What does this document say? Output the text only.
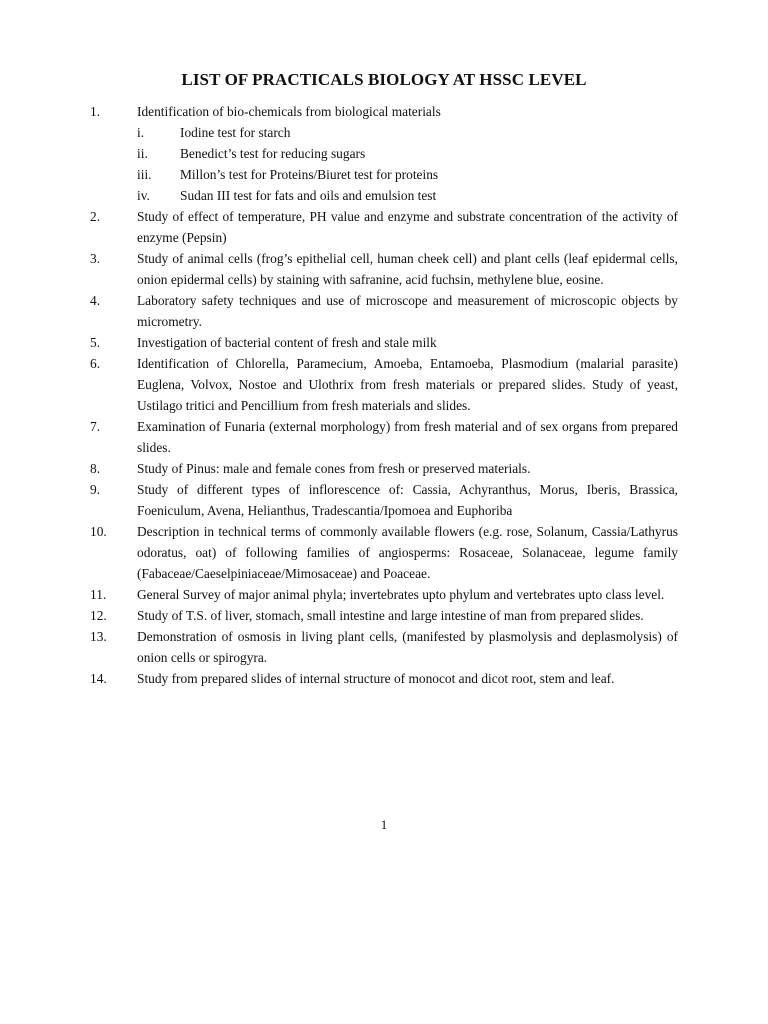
LIST OF PRACTICALS BIOLOGY AT HSSC LEVEL
1.	Identification of bio-chemicals from biological materials
i.	Iodine test for starch
ii.	Benedict’s test for reducing sugars
iii.	Millon’s test for Proteins/Biuret test for proteins
iv.	Sudan III test for fats and oils and emulsion test
2.	Study of effect of temperature, PH value and enzyme and substrate concentration of the activity of enzyme (Pepsin)
3.	Study of animal cells (frog’s epithelial cell, human cheek cell) and plant cells (leaf epidermal cells, onion epidermal cells) by staining with safranine, acid fuchsin, methylene blue, eosine.
4.	Laboratory safety techniques and use of microscope and measurement of microscopic objects by micrometry.
5.	Investigation of bacterial content of fresh and stale milk
6.	Identification of Chlorella, Paramecium, Amoeba, Entamoeba, Plasmodium (malarial parasite) Euglena, Volvox, Nostoe and Ulothrix from fresh materials or prepared slides. Study of yeast, Ustilago tritici and Pencillium from fresh materials and slides.
7.	Examination of Funaria (external morphology) from fresh material and of sex organs from prepared slides.
8.	Study of Pinus: male and female cones from fresh or preserved materials.
9.	Study of different types of inflorescence of: Cassia, Achyranthus, Morus, Iberis, Brassica, Foeniculum, Avena, Helianthus, Tradescantia/Ipomoea and Euphoriba
10.	Description in technical terms of commonly available flowers (e.g. rose, Solanum, Cassia/Lathyrus odoratus, oat) of following families of angiosperms: Rosaceae, Solanaceae, legume family (Fabaceae/Caeselpiniaceae/Mimosaceae) and Poaceae.
11.	General Survey of major animal phyla; invertebrates upto phylum and vertebrates upto class level.
12.	Study of T.S. of liver, stomach, small intestine and large intestine of man from prepared slides.
13.	Demonstration of osmosis in living plant cells, (manifested by plasmolysis and deplasmolysis) of onion cells or spirogyra.
14.	Study from prepared slides of internal structure of monocot and dicot root, stem and leaf.
1
